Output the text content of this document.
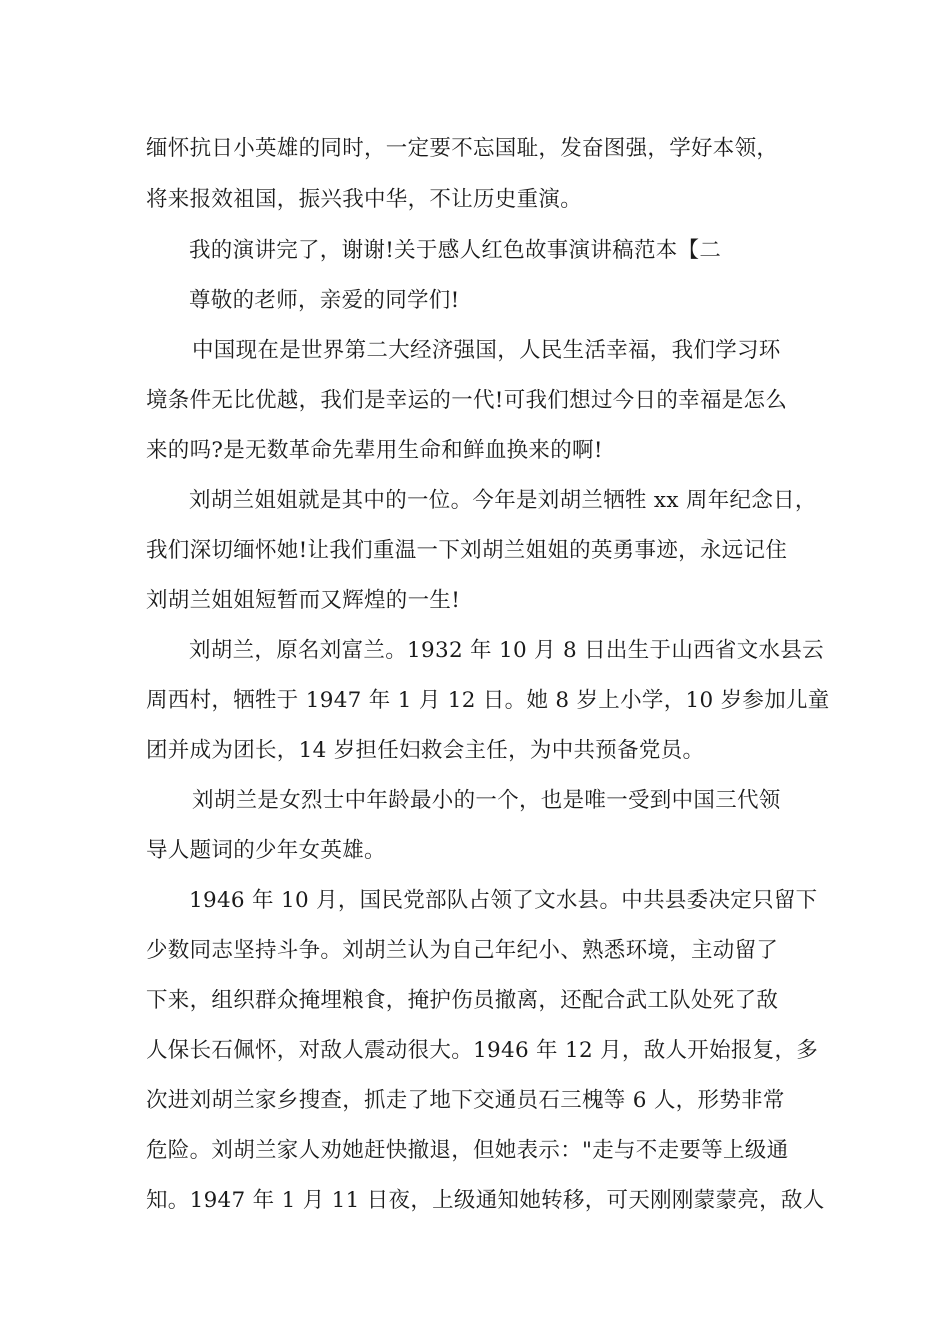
缅怀抗日小英雄的同时，一定要不忘国耻，发奋图强，学好本领，
将来报效祖国，振兴我中华，不让历史重演。
我的演讲完了，谢谢!关于感人红色故事演讲稿范本【二
尊敬的老师，亲爱的同学们!
中国现在是世界第二大经济强国，人民生活幸福，我们学习环
境条件无比优越，我们是幸运的一代!可我们想过今日的幸福是怎么
来的吗?是无数革命先辈用生命和鲜血换来的啊!
刘胡兰姐姐就是其中的一位。今年是刘胡兰牺牲 xx 周年纪念日，
我们深切缅怀她!让我们重温一下刘胡兰姐姐的英勇事迹，永远记住
刘胡兰姐姐短暂而又辉煌的一生!
刘胡兰，原名刘富兰。1932 年 10 月 8 日出生于山西省文水县云
周西村，牺牲于 1947 年 1 月 12 日。她 8 岁上小学，10 岁参加儿童
团并成为团长，14 岁担任妇救会主任，为中共预备党员。
刘胡兰是女烈士中年龄最小的一个，也是唯一受到中国三代领
导人题词的少年女英雄。
1946 年 10 月，国民党部队占领了文水县。中共县委决定只留下
少数同志坚持斗争。刘胡兰认为自己年纪小、熟悉环境，主动留了
下来，组织群众掩埋粮食，掩护伤员撤离，还配合武工队处死了敌
人保长石佩怀，对敌人震动很大。1946 年 12 月，敌人开始报复，多
次进刘胡兰家乡搜查，抓走了地下交通员石三槐等 6 人，形势非常
危险。刘胡兰家人劝她赶快撤退，但她表示："走与不走要等上级通
知。1947 年 1 月 11 日夜，上级通知她转移，可天刚刚蒙蒙亮，敌人
